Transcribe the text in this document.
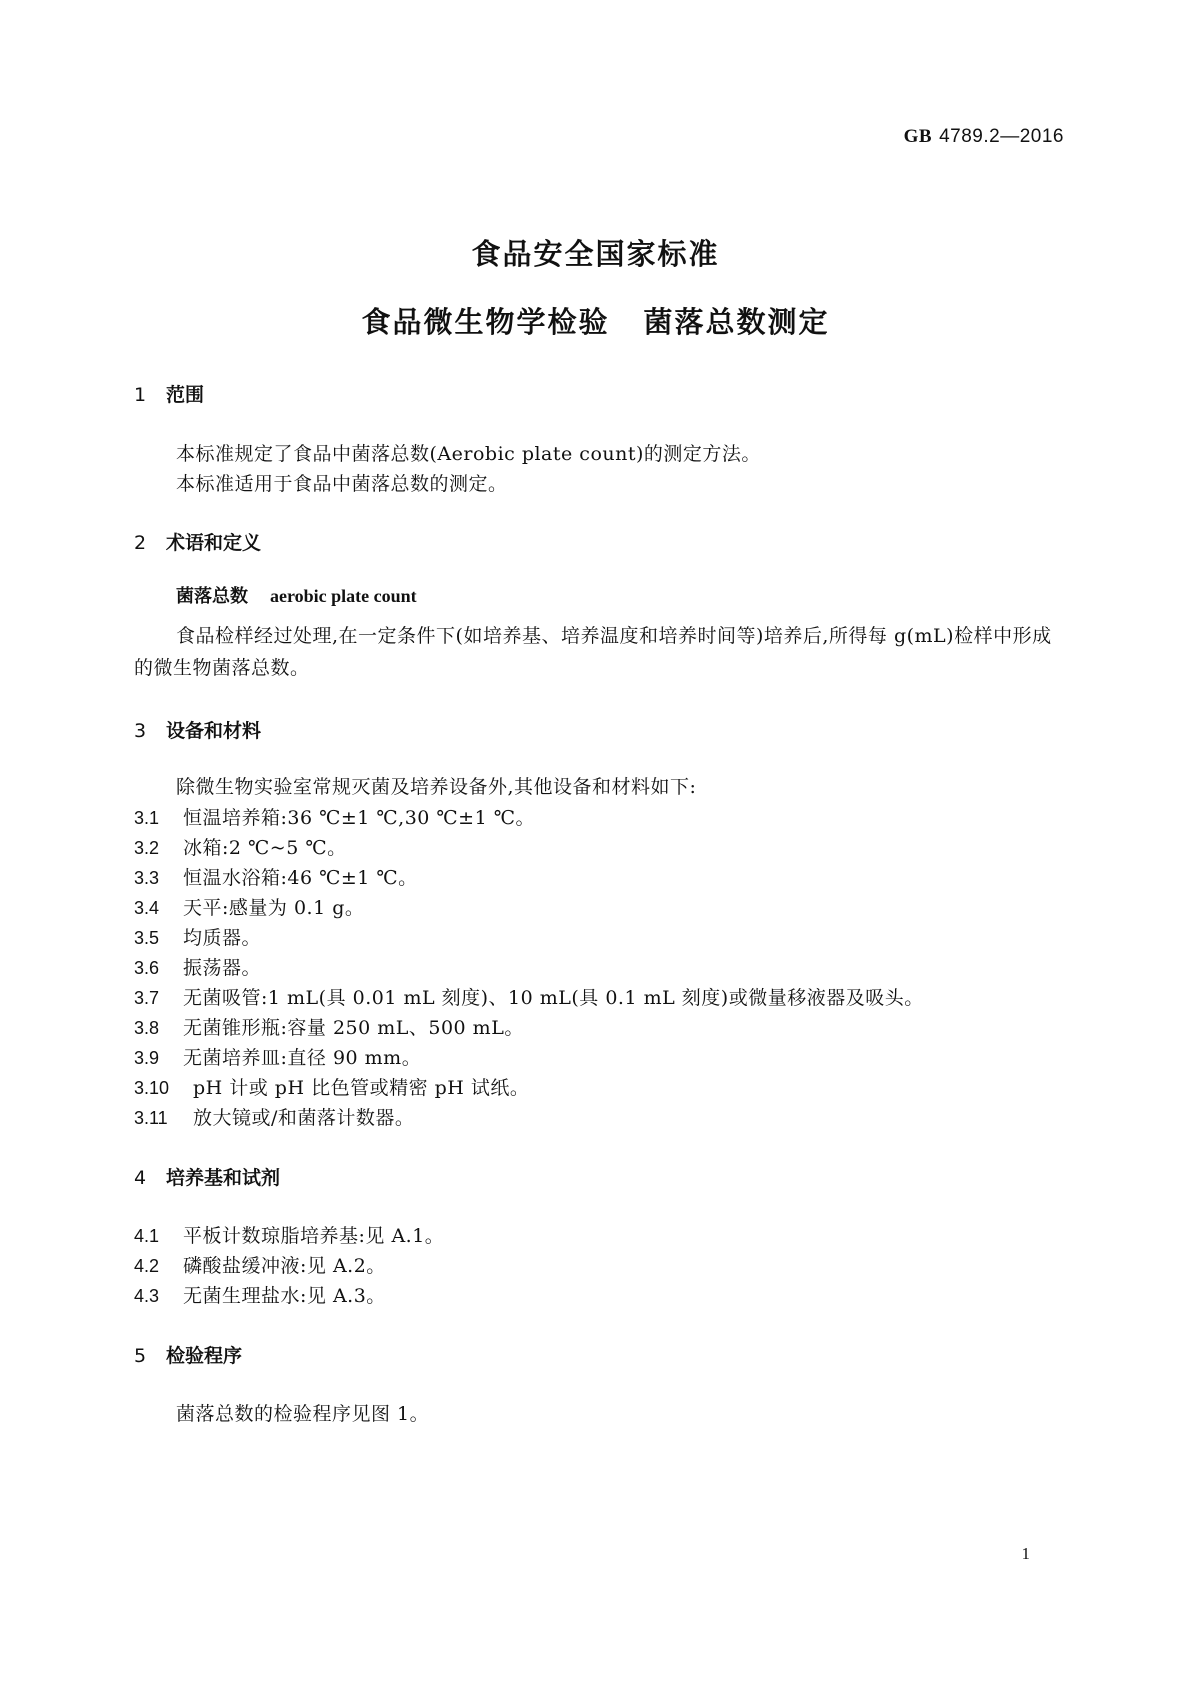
GB 4789.2—2016
食品安全国家标准
食品微生物学检验 菌落总数测定
1 范围
本标准规定了食品中菌落总数(Aerobic plate count)的测定方法。
本标准适用于食品中菌落总数的测定。
2 术语和定义
菌落总数 aerobic plate count
食品检样经过处理,在一定条件下(如培养基、培养温度和培养时间等)培养后,所得每 g(mL)检样中形成的微生物菌落总数。
3 设备和材料
除微生物实验室常规灭菌及培养设备外,其他设备和材料如下:
3.1 恒温培养箱:36 ℃±1 ℃,30 ℃±1 ℃。
3.2 冰箱:2 ℃~5 ℃。
3.3 恒温水浴箱:46 ℃±1 ℃。
3.4 天平:感量为 0.1 g。
3.5 均质器。
3.6 振荡器。
3.7 无菌吸管:1 mL(具 0.01 mL 刻度)、10 mL(具 0.1 mL 刻度)或微量移液器及吸头。
3.8 无菌锥形瓶:容量 250 mL、500 mL。
3.9 无菌培养皿:直径 90 mm。
3.10 pH 计或 pH 比色管或精密 pH 试纸。
3.11 放大镜或/和菌落计数器。
4 培养基和试剂
4.1 平板计数琼脂培养基:见 A.1。
4.2 磷酸盐缓冲液:见 A.2。
4.3 无菌生理盐水:见 A.3。
5 检验程序
菌落总数的检验程序见图 1。
1
